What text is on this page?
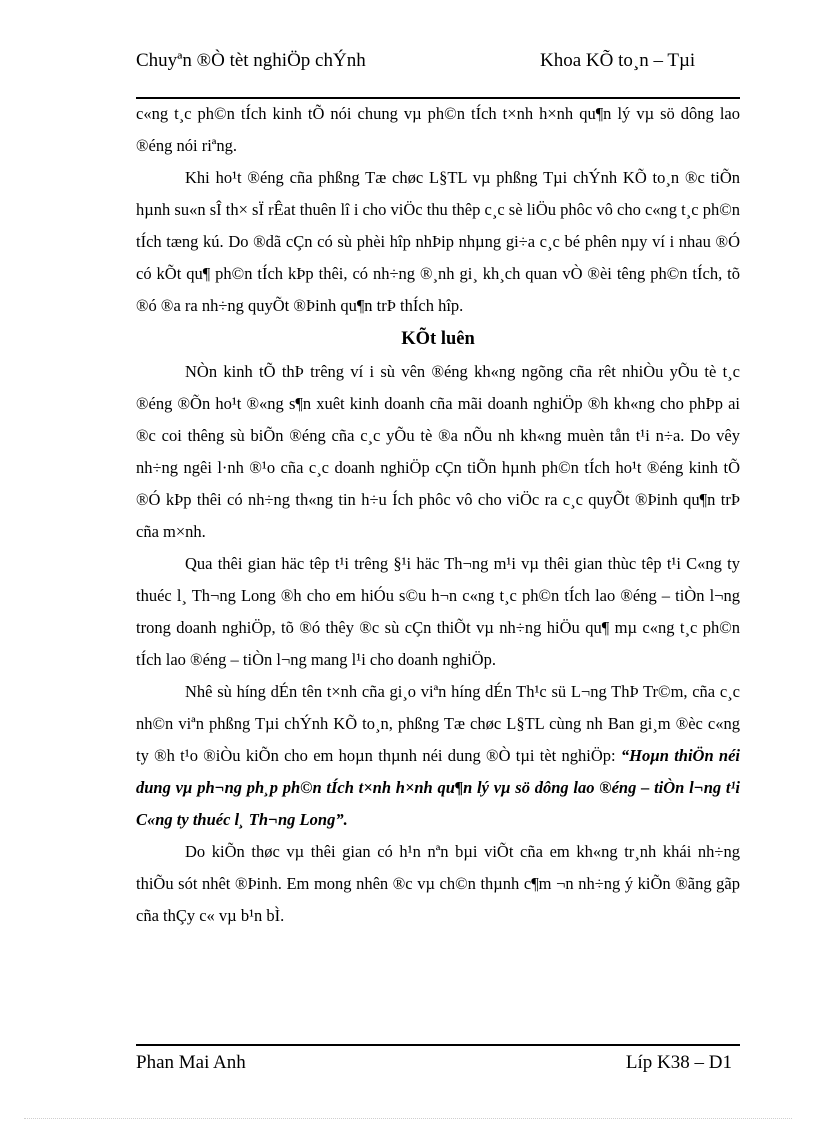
Chuyªn ®Ò tèt nghiÖp chÝnh	Khoa KÕ to¸n – Tµi

c«ng t¸c ph©n tÍch kinh tÕ nói chung vµ ph©n tÍch t×nh h×nh qu¶n lý vµ sö dông lao ®éng nói riªng.

Khi ho¹t ®éng cña phßng Tæ chøc L§TL vµ phßng Tµi chÝnh KÕ to¸n ®c tiÕn hµnh su«n sÎ th× sÏ rÊat thuên lî i cho viÖc thu thêp c¸c sè liÖu phôc vô cho c«ng t¸c ph©n tÍch tæng kú. Do ®dã cÇn có sù phèi hîp nhÞip nhµng gi÷a c¸c bé phên nµy ví i nhau ®Ó có kÕt qu¶ ph©n tÍch kÞp thêi, có nh÷ng ®¸nh gi¸ kh¸ch quan vÒ ®èi têng ph©n tÍch, tõ ®ó ®a ra nh÷ng quyÕt ®Þinh qu¶n trÞ thÍch hîp.

KÕt luên

NÒn kinh tÕ thÞ trêng ví i sù vên ®éng kh«ng ngõng cña rêt nhiÒu yÕu tè t¸c ®éng ®Õn ho¹t ®«ng s¶n xuêt kinh doanh cña mãi doanh nghiÖp ®h kh«ng cho phÞp ai ®c coi thêng sù biÕn ®éng cña c¸c yÕu tè ®a nÕu nh kh«ng muèn tån t¹i n÷a. Do vêy nh÷ng ngêi l·nh ®¹o cña c¸c doanh nghiÖp cÇn tiÕn hµnh ph©n tÍch ho¹t ®éng kinh tÕ ®Ó kÞp thêi có nh÷ng th«ng tin h÷u Ích phôc vô cho viÖc ra c¸c quyÕt ®Þinh qu¶n trÞ cña m×nh.

Qua thêi gian häc têp t¹i trêng §¹i häc Th¬ng m¹i vµ thêi gian thùc têp t¹i C«ng ty thuéc l¸ Th¬ng Long ®h cho em hiÓu s©u h¬n c«ng t¸c ph©n tÍch lao ®éng – tiÒn l¬ng trong doanh nghiÖp, tõ ®ó thêy ®c sù cÇn thiÕt vµ nh÷ng hiÖu qu¶ mµ c«ng t¸c ph©n tÍch lao ®éng – tiÒn l¬ng mang l¹i cho doanh nghiÖp.

Nhê sù híng dÉn tên t×nh cña gi¸o viªn híng dÉn Th¹c sü L¬ng ThÞ Tr©m, cña c¸c nh©n viªn phßng Tµi chÝnh KÕ to¸n, phßng Tæ chøc L§TL cùng nh Ban gi¸m ®èc c«ng ty ®h t¹o ®iÒu kiÕn cho em hoµn thµnh néi dung ®Ò tµi tèt nghiÖp: “Hoµn thiÖn néi dung vµ ph¬ng ph¸p ph©n tÍch t×nh h×nh qu¶n lý vµ sö dông lao ®éng – tiÒn l¬ng t¹i C«ng ty thuéc l¸ Th¬ng Long”.

Do kiÕn thøc vµ thêi gian có h¹n nªn bµi viÕt cña em kh«ng tr¸nh khái nh÷ng thiÕu sót nhêt ®Þinh. Em mong nhên ®c vµ ch©n thµnh c¶m ¬n nh÷ng ý kiÕn ®ãng gãp cña thÇy c« vµ b¹n bÌ.

Phan Mai Anh	Líp K38 – D1
